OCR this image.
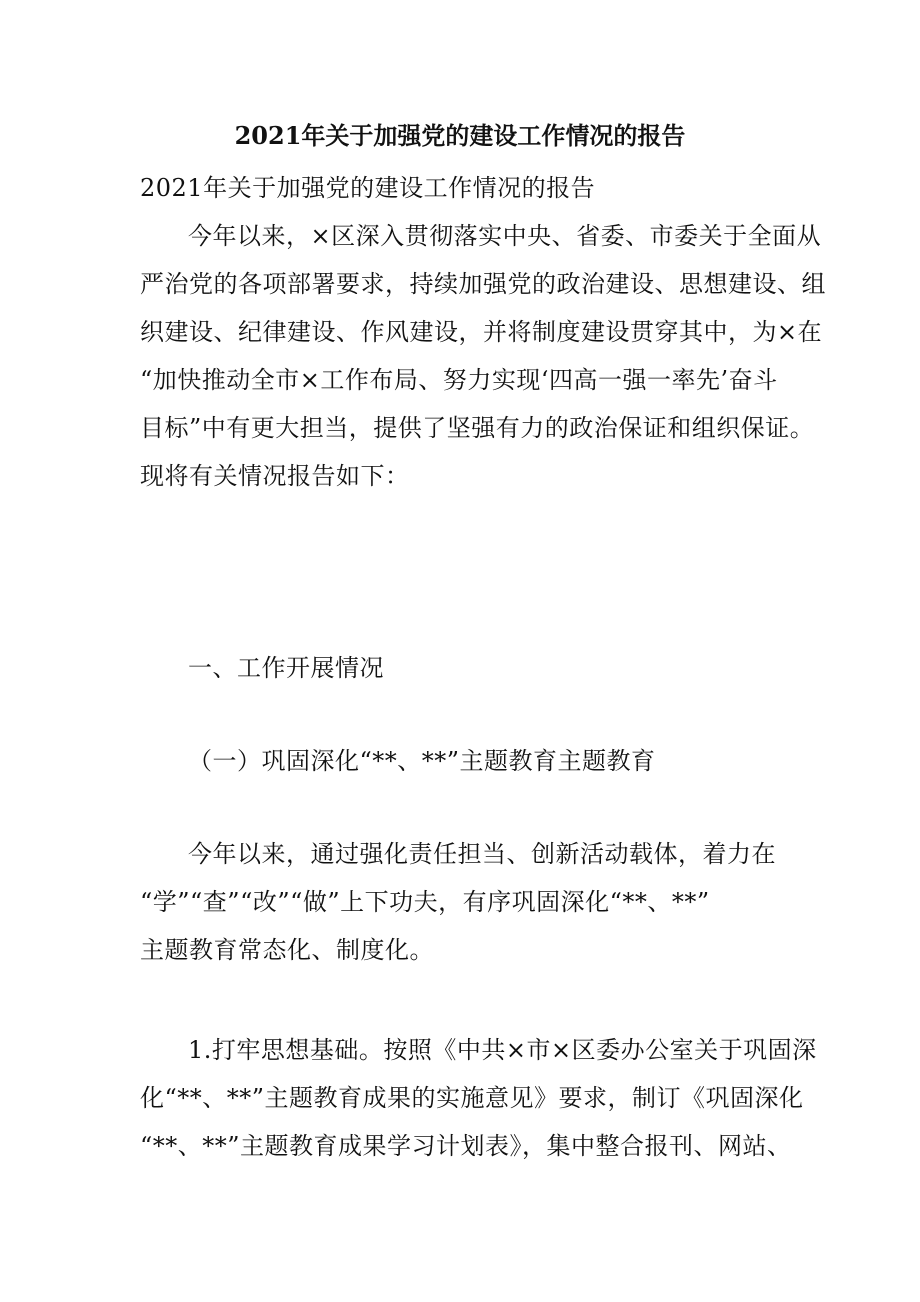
2021年关于加强党的建设工作情况的报告
2021年关于加强党的建设工作情况的报告
今年以来，×区深入贯彻落实中央、省委、市委关于全面从
严治党的各项部署要求，持续加强党的政治建设、思想建设、组
织建设、纪律建设、作风建设，并将制度建设贯穿其中，为×在
“加快推动全市×工作布局、努力实现‘四高一强一率先’奋斗
目标”中有更大担当，提供了坚强有力的政治保证和组织保证。
现将有关情况报告如下：
一、工作开展情况
（一）巩固深化“**、**”主题教育主题教育
今年以来，通过强化责任担当、创新活动载体，着力在
“学”“查”“改”“做”上下功夫，有序巩固深化“**、**”
主题教育常态化、制度化。
1.打牢思想基础。按照《中共×市×区委办公室关于巩固深
化“**、**”主题教育成果的实施意见》要求，制订《巩固深化
“**、**”主题教育成果学习计划表》，集中整合报刊、网站、
